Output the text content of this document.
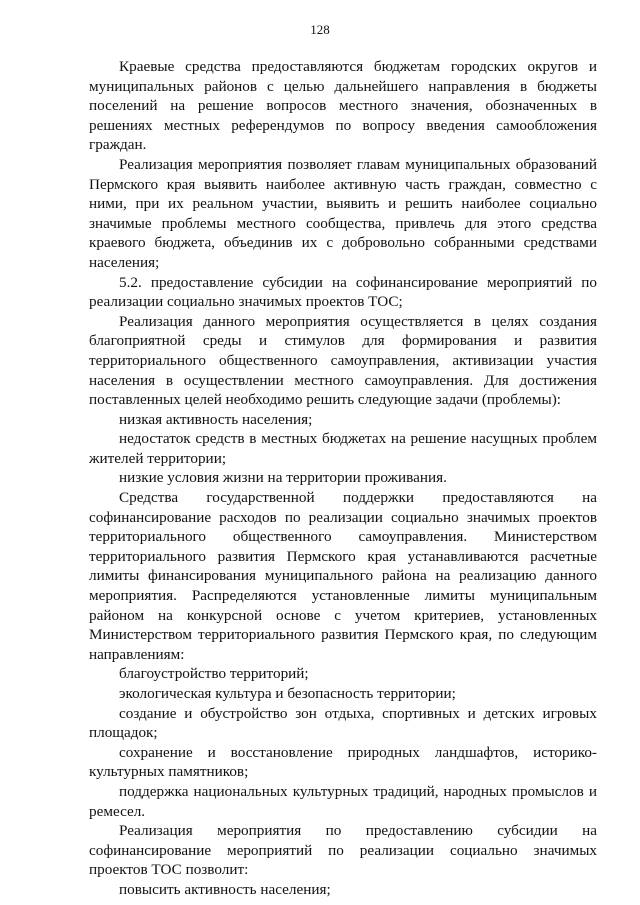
128

Краевые средства предоставляются бюджетам городских округов и муниципальных районов с целью дальнейшего направления в бюджеты поселений на решение вопросов местного значения, обозначенных в решениях местных референдумов по вопросу введения самообложения граждан.

Реализация мероприятия позволяет главам муниципальных образований Пермского края выявить наиболее активную часть граждан, совместно с ними, при их реальном участии, выявить и решить наиболее социально значимые проблемы местного сообщества, привлечь для этого средства краевого бюджета, объединив их с добровольно собранными средствами населения;

5.2. предоставление субсидии на софинансирование мероприятий по реализации социально значимых проектов ТОС;

Реализация данного мероприятия осуществляется в целях создания благоприятной среды и стимулов для формирования и развития территориального общественного самоуправления, активизации участия населения в осуществлении местного самоуправления. Для достижения поставленных целей необходимо решить следующие задачи (проблемы):

низкая активность населения;

недостаток средств в местных бюджетах на решение насущных проблем жителей территории;

низкие условия жизни на территории проживания.

Средства государственной поддержки предоставляются на софинансирование расходов по реализации социально значимых проектов территориального общественного самоуправления. Министерством территориального развития Пермского края устанавливаются расчетные лимиты финансирования муниципального района на реализацию данного мероприятия. Распределяются установленные лимиты муниципальным районом на конкурсной основе с учетом критериев, установленных Министерством территориального развития Пермского края, по следующим направлениям:

благоустройство территорий;

экологическая культура и безопасность территории;

создание и обустройство зон отдыха, спортивных и детских игровых площадок;

сохранение и восстановление природных ландшафтов, историко-культурных памятников;

поддержка национальных культурных традиций, народных промыслов и ремесел.

Реализация мероприятия по предоставлению субсидии на софинансирование мероприятий по реализации социально значимых проектов ТОС позволит:

повысить активность населения;
